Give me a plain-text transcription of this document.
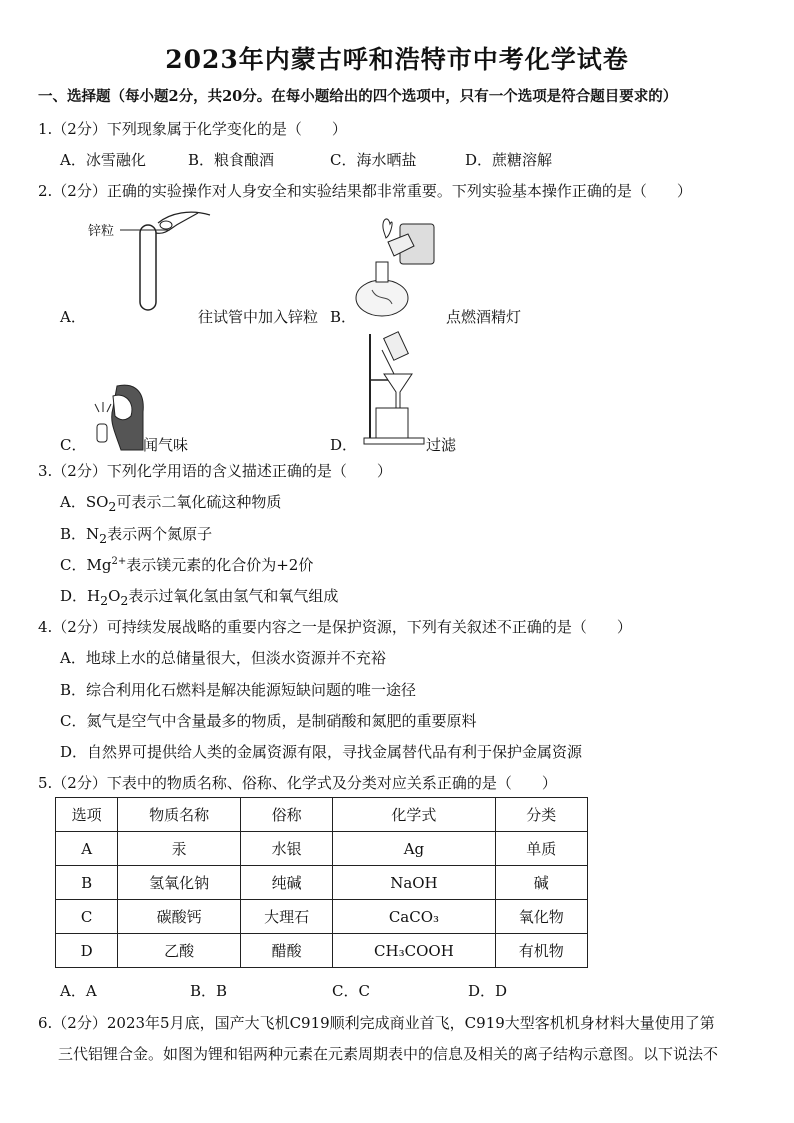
2023年内蒙古呼和浩特市中考化学试卷
一、选择题（每小题2分，共20分。在每小题给出的四个选项中，只有一个选项是符合题目要求的）
1.（2分）下列现象属于化学变化的是（　　）
A．冰雪融化	B．粮食酿酒	C．海水晒盐	D．蔗糖溶解
2.（2分）正确的实验操作对人身安全和实验结果都非常重要。下列实验基本操作正确的是（　　）
锌粒
A．	往试管中加入锌粒 B．	点燃酒精灯
C．	闻气味	D．	过滤
3.（2分）下列化学用语的含义描述正确的是（　　）
A．$SO_2$可表示二氧化硫这种物质
B．$N_2$表示两个氮原子
C．$Mg^{2+}$表示镁元素的化合价为+2价
D．$H_2O_2$表示过氧化氢由氢气和氧气组成
4.（2分）可持续发展战略的重要内容之一是保护资源，下列有关叙述不正确的是（　　）
A．地球上水的总储量很大，但淡水资源并不充裕
B．综合利用化石燃料是解决能源短缺问题的唯一途径
C．氮气是空气中含量最多的物质，是制硝酸和氮肥的重要原料
D．自然界可提供给人类的金属资源有限，寻找金属替代品有利于保护金属资源
5.（2分）下表中的物质名称、俗称、化学式及分类对应关系正确的是（　　）
选项	物质名称	俗称	化学式	分类
A	汞	水银	Ag	单质
B	氢氧化钠	纯碱	NaOH	碱
C	碳酸钙	大理石	CaCO₃	氧化物
D	乙酸	醋酸	CH₃COOH	有机物
A．A	B．B	C．C	D．D
6.（2分）2023年5月底，国产大飞机C919顺利完成商业首飞，C919大型客机机身材料大量使用了第
三代铝锂合金。如图为锂和铝两种元素在元素周期表中的信息及相关的离子结构示意图。以下说法不
